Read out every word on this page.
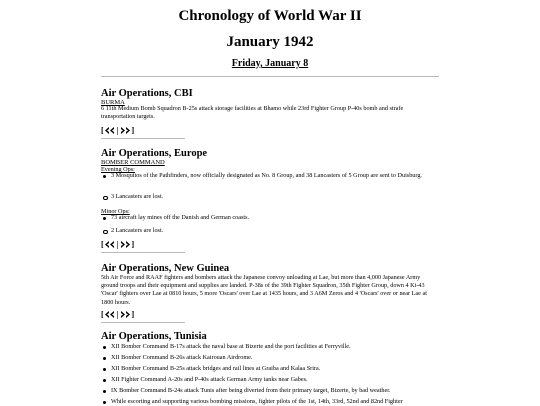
Chronology of World War II
January 1942
Friday, January 8
Air Operations, CBI
BURMA
6 11th Medium Bomb Squadron B-25s attack storage facilities at Bhamo while 23rd Fighter Group P-40s bomb and strafe transportation targets.
[ | ]
Air Operations, Europe
BOMBER COMMAND
Evening Ops:
3 Mosquitos of the Pathfinders, now officially designated as No. 8 Group, and 38 Lancasters of 5 Group are sent to Duisburg.
3 Lancasters are lost.
Minor Ops:
73 aircraft lay mines off the Danish and German coasts.
2 Lancasters are lost.
[ | ]
Air Operations, New Guinea
5th Air Force and RAAF fighters and bombers attack the Japanese convoy unloading at Lae, but more than 4,000 Japanese Army ground troops and their equipment and supplies are landed. P-38s of the 39th Fighter Squadron, 35th Fighter Group, down 4 Ki-43 'Oscar' fighters over Lae at 0810 hours, 5 more 'Oscars' over Lae at 1435 hours, and 3 A6M Zeros and 4 'Oscars' over or near Lae at 1800 hours.
[ | ]
Air Operations, Tunisia
XII Bomber Command B-17s attack the naval base at Bizerte and the port facilities at Ferryville.
XII Bomber Command B-26s attack Kairouan Airdrome.
XII Bomber Command B-25s attack bridges and rail lines at Graiba and Kalaa Srira.
XII Fighter Command A-20s and P-40s attack German Army tanks near Gabes.
IX Bomber Command B-24s attack Tunis after being diverted from their primary target, Bizerte, by bad weather.
While escorting and supporting various bombing missions, fighter pilots of the 1st, 14th, 33rd, 52nd and 82nd Fighter
